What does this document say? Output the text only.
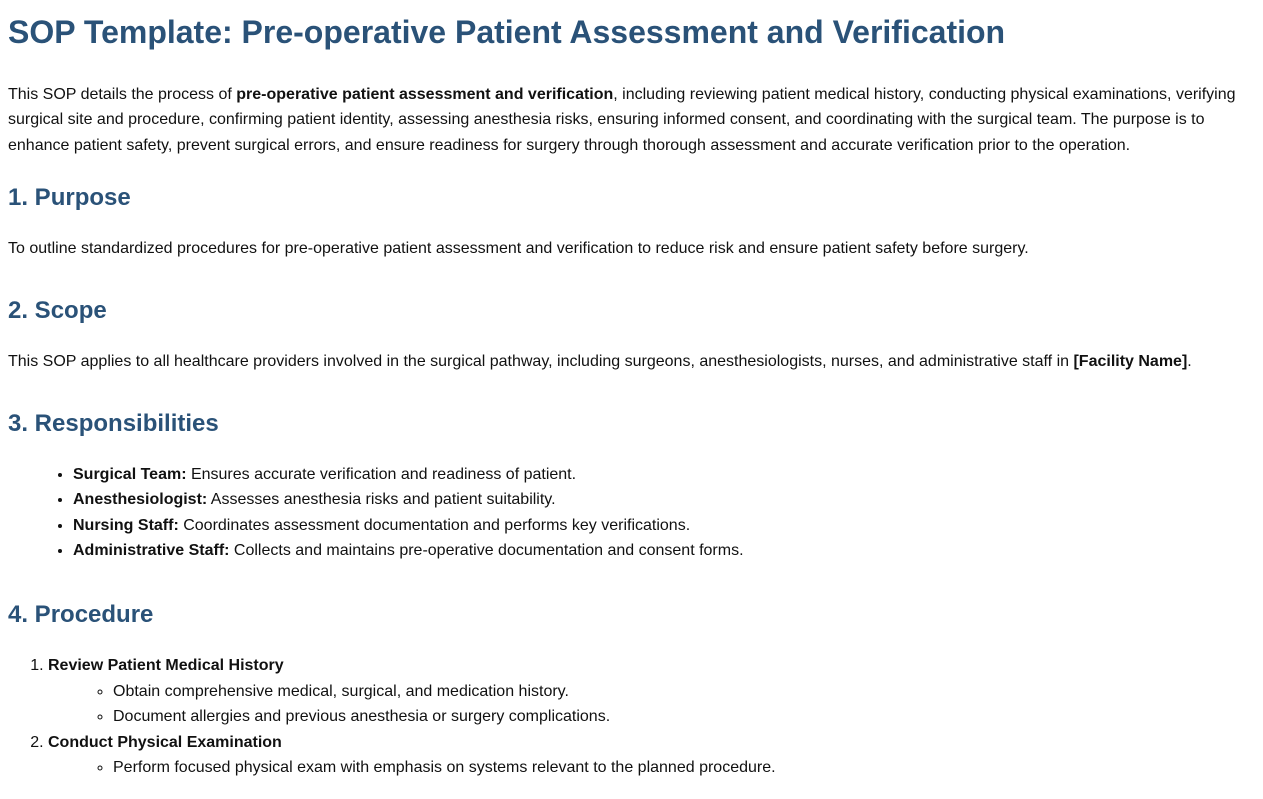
SOP Template: Pre-operative Patient Assessment and Verification

This SOP details the process of pre-operative patient assessment and verification, including reviewing patient medical history, conducting physical examinations, verifying surgical site and procedure, confirming patient identity, assessing anesthesia risks, ensuring informed consent, and coordinating with the surgical team. The purpose is to enhance patient safety, prevent surgical errors, and ensure readiness for surgery through thorough assessment and accurate verification prior to the operation.

1. Purpose

To outline standardized procedures for pre-operative patient assessment and verification to reduce risk and ensure patient safety before surgery.

2. Scope

This SOP applies to all healthcare providers involved in the surgical pathway, including surgeons, anesthesiologists, nurses, and administrative staff in [Facility Name].

3. Responsibilities
• Surgical Team: Ensures accurate verification and readiness of patient.
• Anesthesiologist: Assesses anesthesia risks and patient suitability.
• Nursing Staff: Coordinates assessment documentation and performs key verifications.
• Administrative Staff: Collects and maintains pre-operative documentation and consent forms.
4. Procedure
1. Review Patient Medical History
◦ Obtain comprehensive medical, surgical, and medication history.
◦ Document allergies and previous anesthesia or surgery complications.
2. Conduct Physical Examination
◦ Perform focused physical exam with emphasis on systems relevant to the planned procedure.
